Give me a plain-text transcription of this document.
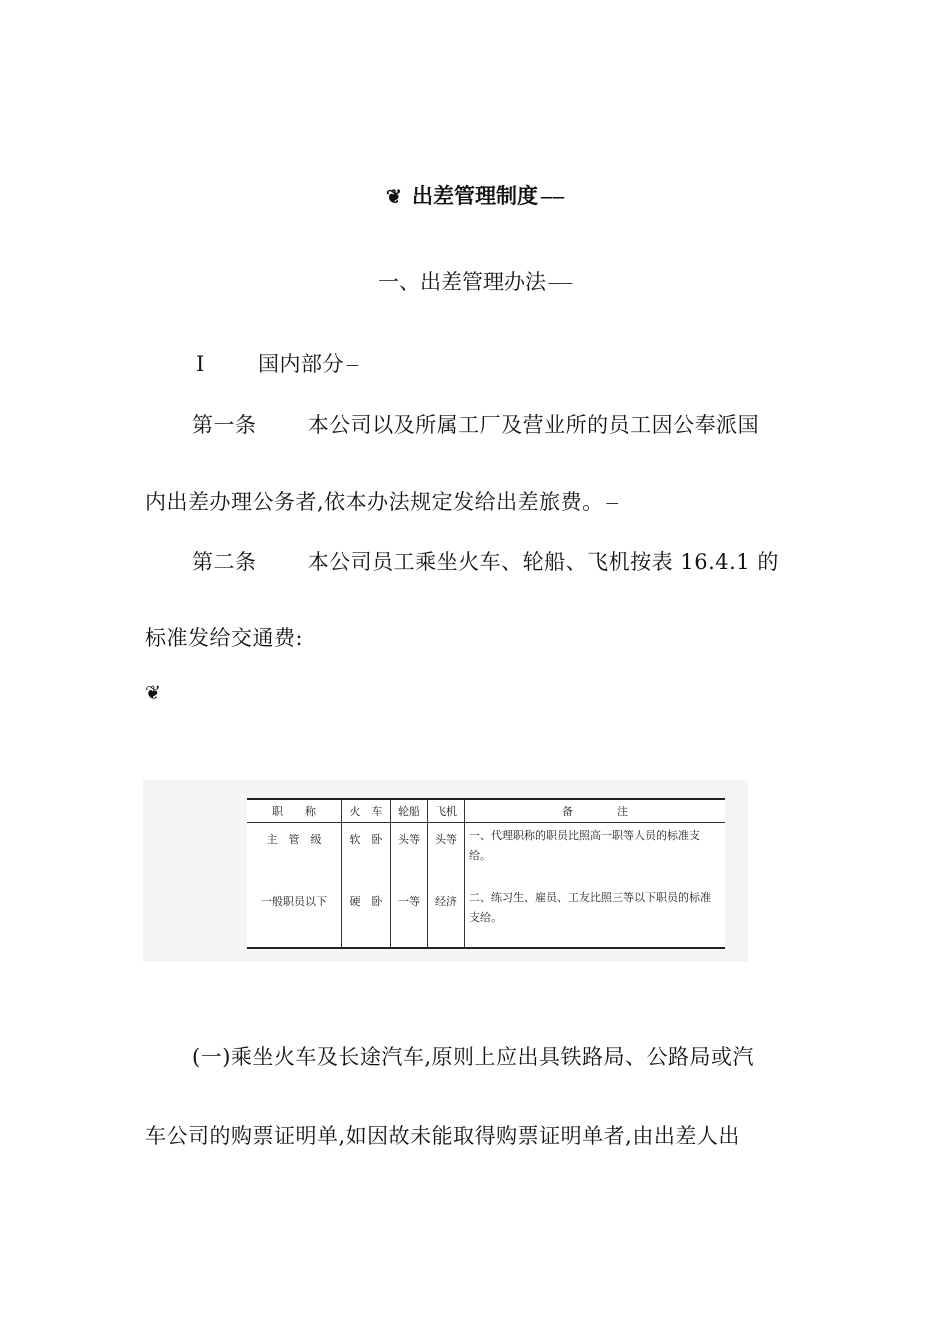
❦ 出差管理制度 ——
一、出差管理办法 ——
I	国内部分 —
第一条 本公司以及所属工厂及营业所的员工因公奉派国
内出差办理公务者,依本办法规定发给出差旅费。 —
第二条 本公司员工乘坐火车、轮船、飞机按表 16.4.1 的
标准发给交通费:
❦
职　　称	火　车	轮船	飞机	备　　　　注
主　管　级	软　卧	头等	头等	一、代理职称的职员比照高一职等人员的标准支给。
一般职员以下	硬　卧	一等	经济	二、练习生、雇员、工友比照三等以下职员的标准支给。
(一)乘坐火车及长途汽车,原则上应出具铁路局、公路局或汽
车公司的购票证明单,如因故未能取得购票证明单者,由出差人出
